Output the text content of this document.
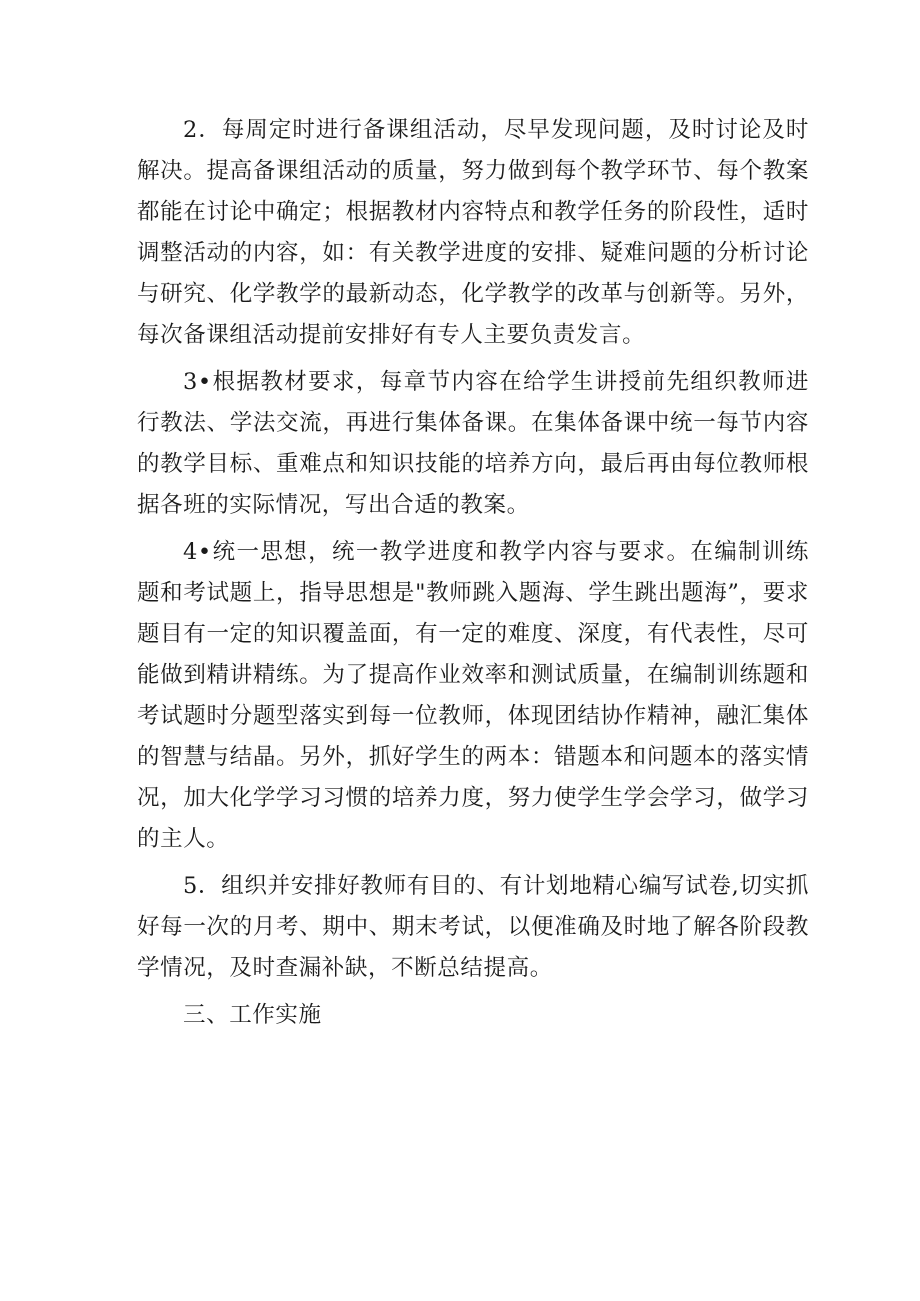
2．每周定时进行备课组活动，尽早发现问题，及时讨论及时解决。提高备课组活动的质量，努力做到每个教学环节、每个教案都能在讨论中确定；根据教材内容特点和教学任务的阶段性，适时调整活动的内容，如：有关教学进度的安排、疑难问题的分析讨论与研究、化学教学的最新动态，化学教学的改革与创新等。另外，每次备课组活动提前安排好有专人主要负责发言。

3•根据教材要求，每章节内容在给学生讲授前先组织教师进行教法、学法交流，再进行集体备课。在集体备课中统一每节内容的教学目标、重难点和知识技能的培养方向，最后再由每位教师根据各班的实际情况，写出合适的教案。

4•统一思想，统一教学进度和教学内容与要求。在编制训练题和考试题上，指导思想是"教师跳入题海、学生跳出题海”，要求题目有一定的知识覆盖面，有一定的难度、深度，有代表性，尽可能做到精讲精练。为了提高作业效率和测试质量，在编制训练题和考试题时分题型落实到每一位教师，体现团结协作精神，融汇集体的智慧与结晶。另外，抓好学生的两本：错题本和问题本的落实情况，加大化学学习习惯的培养力度，努力使学生学会学习，做学习的主人。

5．组织并安排好教师有目的、有计划地精心编写试卷,切实抓好每一次的月考、期中、期末考试，以便准确及时地了解各阶段教学情况，及时查漏补缺，不断总结提高。

三、工作实施
